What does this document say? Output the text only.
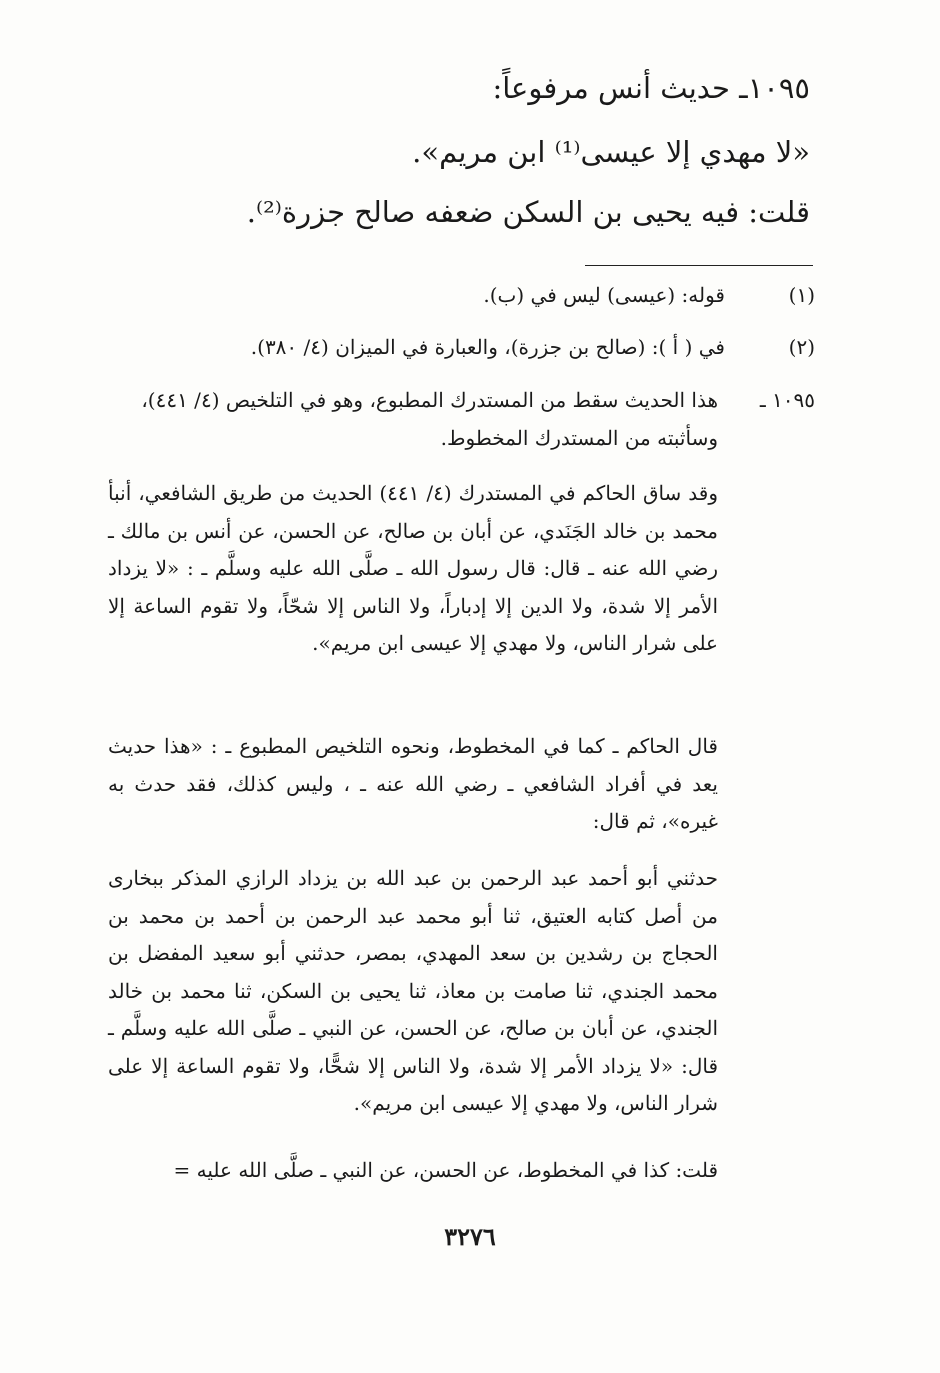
١٠٩٥ـ حديث أنس مرفوعاً:
«لا مهدي إلا عيسى⁽¹⁾ ابن مريم».
قلت: فيه يحيى بن السكن ضعفه صالح جزرة⁽²⁾.
(١)
قوله: (عيسى) ليس في (ب).
(٢)
في ( أ ): (صالح بن جزرة)، والعبارة في الميزان (٤/ ٣٨٠).
١٠٩٥ ـ
هذا الحديث سقط من المستدرك المطبوع، وهو في التلخيص (٤/ ٤٤١)،
وسأثبته من المستدرك المخطوط.
وقد ساق الحاكم في المستدرك (٤/ ٤٤١) الحديث من طريق الشافعي، أنبأ محمد بن خالد الجَنَدي، عن أبان بن صالح، عن الحسن، عن أنس بن مالك ـ رضي الله عنه ـ قال: قال رسول الله ـ صلَّى الله عليه وسلَّم ـ : «لا يزداد الأمر إلا شدة، ولا الدين إلا إدباراً، ولا الناس إلا شحّاً، ولا تقوم الساعة إلا على شرار الناس، ولا مهدي إلا عيسى ابن مريم».
قال الحاكم ـ كما في المخطوط، ونحوه التلخيص المطبوع ـ : «هذا حديث يعد في أفراد الشافعي ـ رضي الله عنه ـ ، وليس كذلك، فقد حدث به غيره»، ثم قال:
حدثني أبو أحمد عبد الرحمن بن عبد الله بن يزداد الرازي المذكر ببخارى من أصل كتابه العتيق، ثنا أبو محمد عبد الرحمن بن أحمد بن محمد بن الحجاج بن رشدين بن سعد المهدي، بمصر، حدثني أبو سعيد المفضل بن محمد الجندي، ثنا صامت بن معاذ، ثنا يحيى بن السكن، ثنا محمد بن خالد الجندي، عن أبان بن صالح، عن الحسن، عن النبي ـ صلَّى الله عليه وسلَّم ـ قال: «لا يزداد الأمر إلا شدة، ولا الناس إلا شحًّا، ولا تقوم الساعة إلا على شرار الناس، ولا مهدي إلا عيسى ابن مريم».
قلت: كذا في المخطوط، عن الحسن، عن النبي ـ صلَّى الله عليه =
٣٢٧٦
